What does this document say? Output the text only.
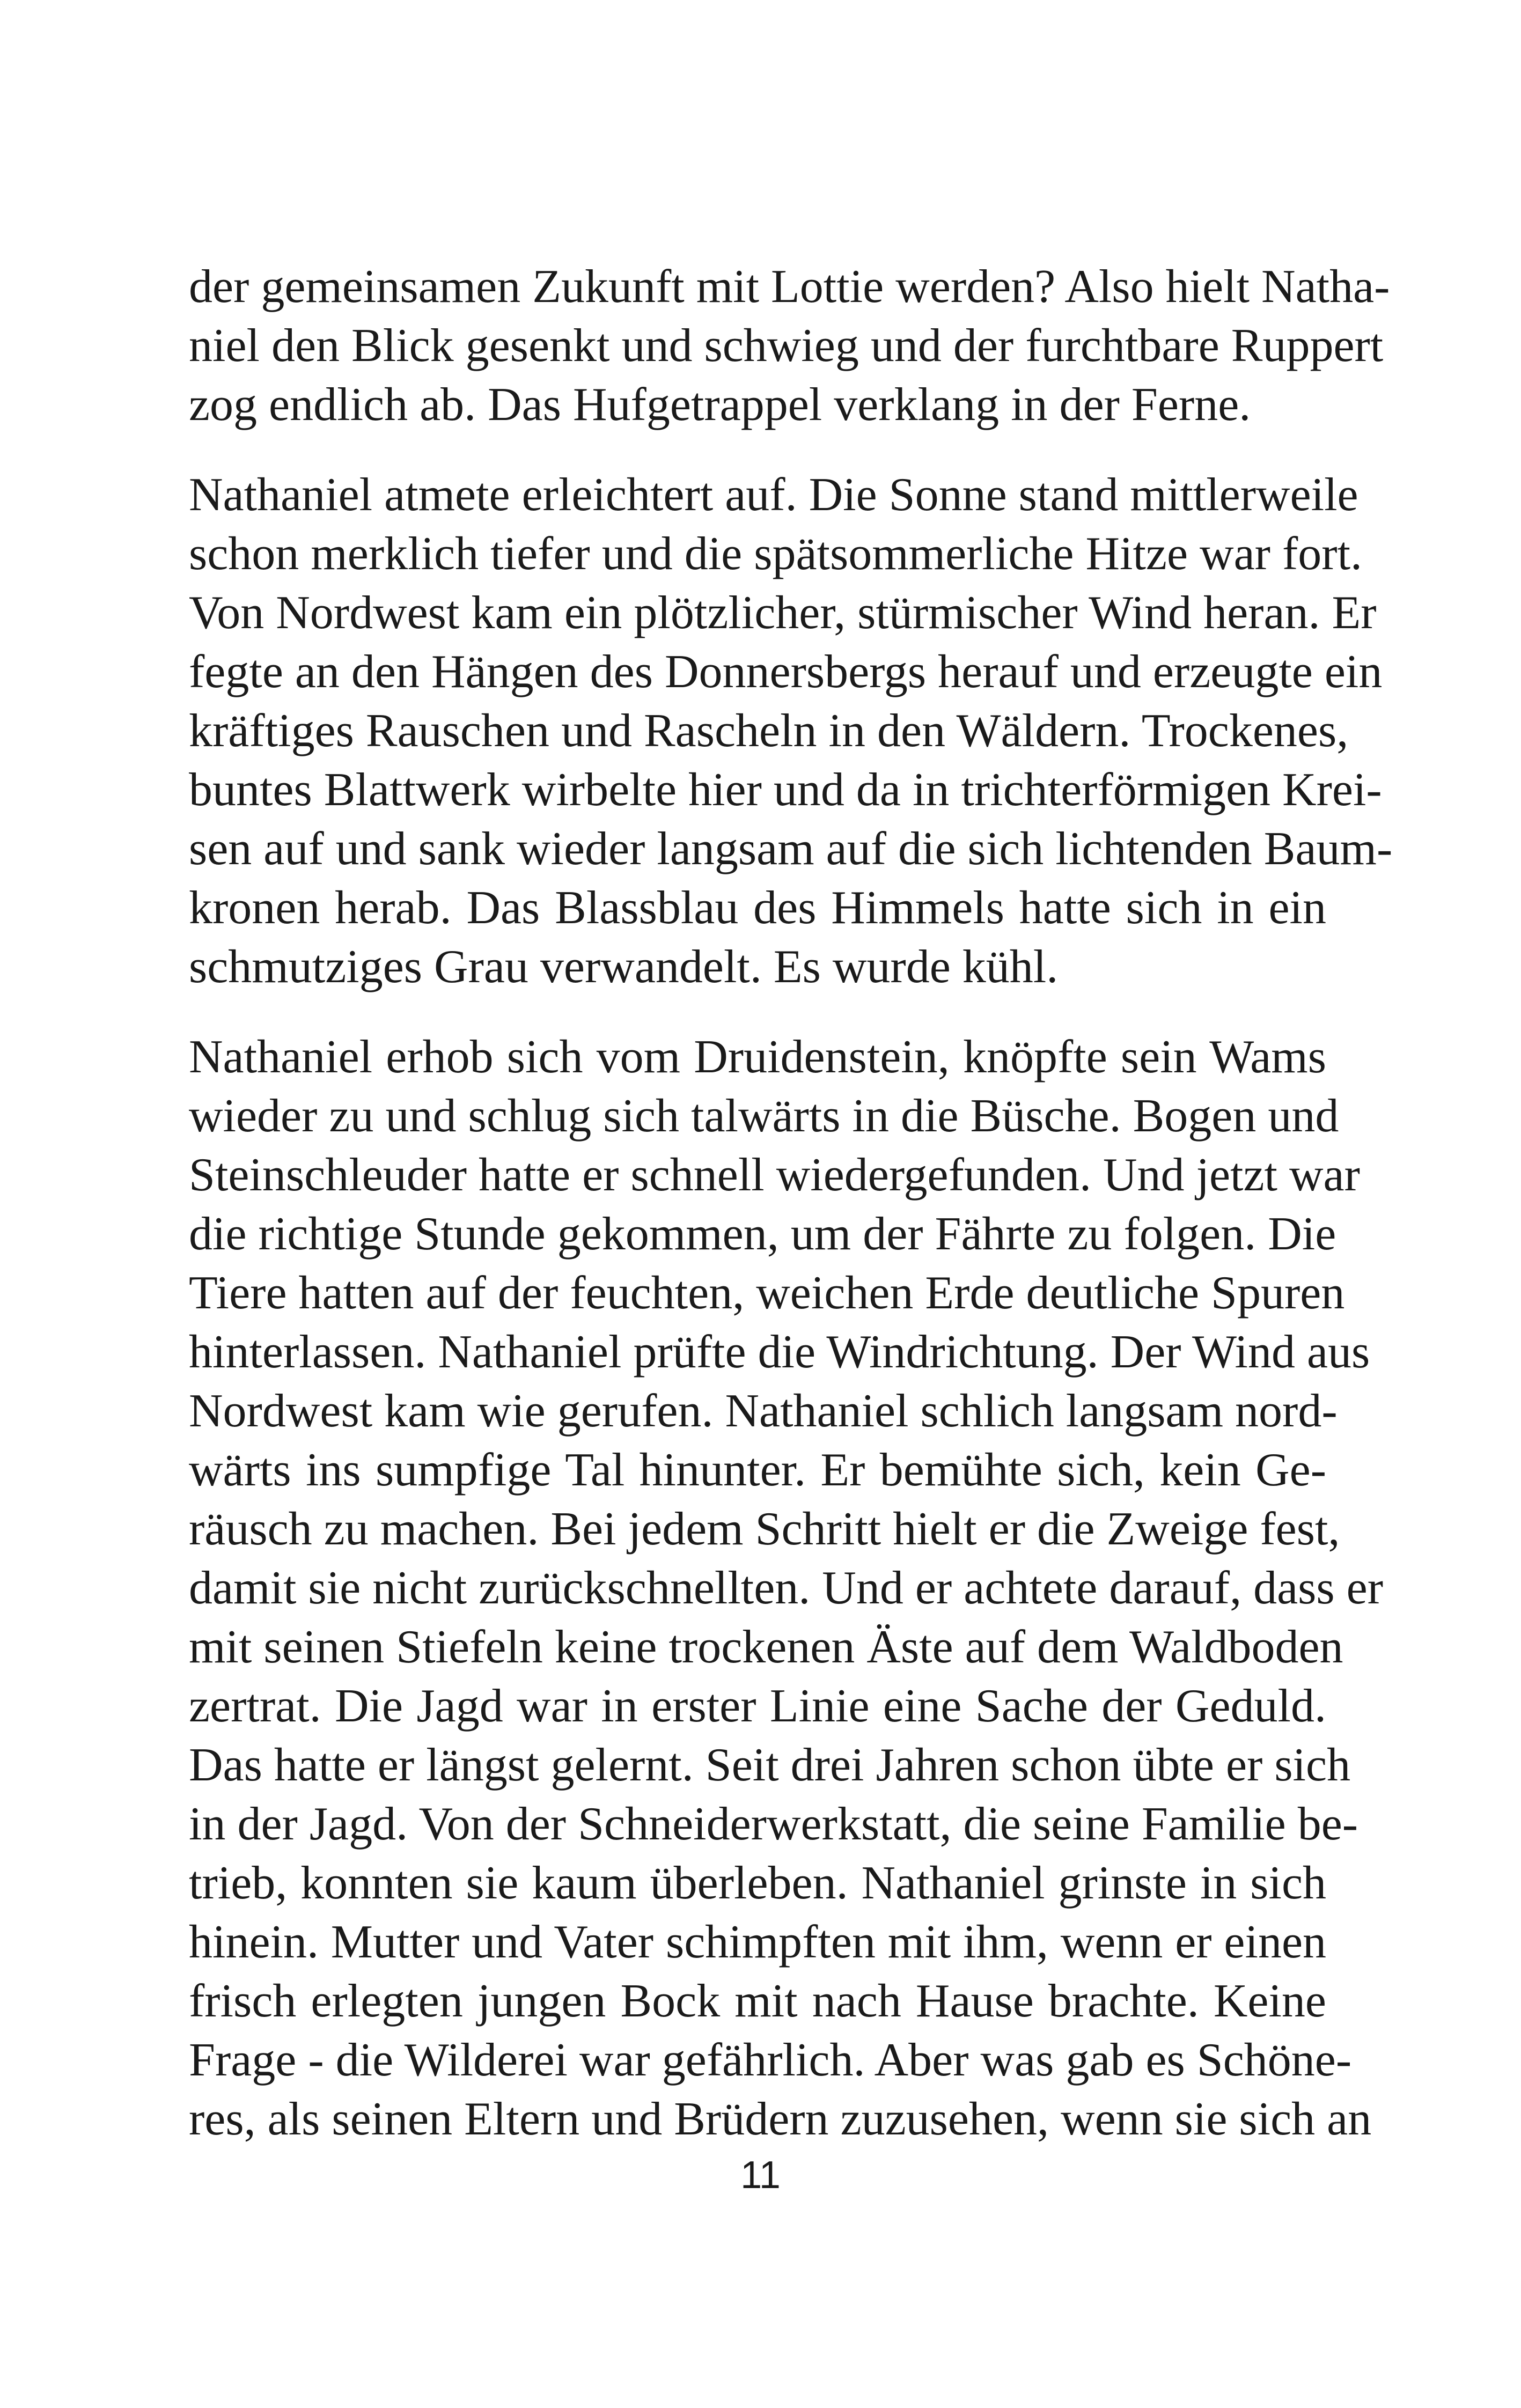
der gemeinsamen Zukunft mit Lottie werden? Also hielt Natha-
niel den Blick gesenkt und schwieg und der furchtbare Ruppert
zog endlich ab. Das Hufgetrappel verklang in der Ferne.

Nathaniel atmete erleichtert auf. Die Sonne stand mittlerweile
schon merklich tiefer und die spätsommerliche Hitze war fort.
Von Nordwest kam ein plötzlicher, stürmischer Wind heran. Er
fegte an den Hängen des Donnersbergs herauf und erzeugte ein
kräftiges Rauschen und Rascheln in den Wäldern. Trockenes,
buntes Blattwerk wirbelte hier und da in trichterförmigen Krei-
sen auf und sank wieder langsam auf die sich lichtenden Baum-
kronen herab. Das Blassblau des Himmels hatte sich in ein
schmutziges Grau verwandelt. Es wurde kühl.

Nathaniel erhob sich vom Druidenstein, knöpfte sein Wams
wieder zu und schlug sich talwärts in die Büsche. Bogen und
Steinschleuder hatte er schnell wiedergefunden. Und jetzt war
die richtige Stunde gekommen, um der Fährte zu folgen. Die
Tiere hatten auf der feuchten, weichen Erde deutliche Spuren
hinterlassen. Nathaniel prüfte die Windrichtung. Der Wind aus
Nordwest kam wie gerufen. Nathaniel schlich langsam nord-
wärts ins sumpfige Tal hinunter. Er bemühte sich, kein Ge-
räusch zu machen. Bei jedem Schritt hielt er die Zweige fest,
damit sie nicht zurückschnellten. Und er achtete darauf, dass er
mit seinen Stiefeln keine trockenen Äste auf dem Waldboden
zertrat. Die Jagd war in erster Linie eine Sache der Geduld.
Das hatte er längst gelernt. Seit drei Jahren schon übte er sich
in der Jagd. Von der Schneiderwerkstatt, die seine Familie be-
trieb, konnten sie kaum überleben. Nathaniel grinste in sich
hinein. Mutter und Vater schimpften mit ihm, wenn er einen
frisch erlegten jungen Bock mit nach Hause brachte. Keine
Frage - die Wilderei war gefährlich. Aber was gab es Schöne-
res, als seinen Eltern und Brüdern zuzusehen, wenn sie sich an

11
